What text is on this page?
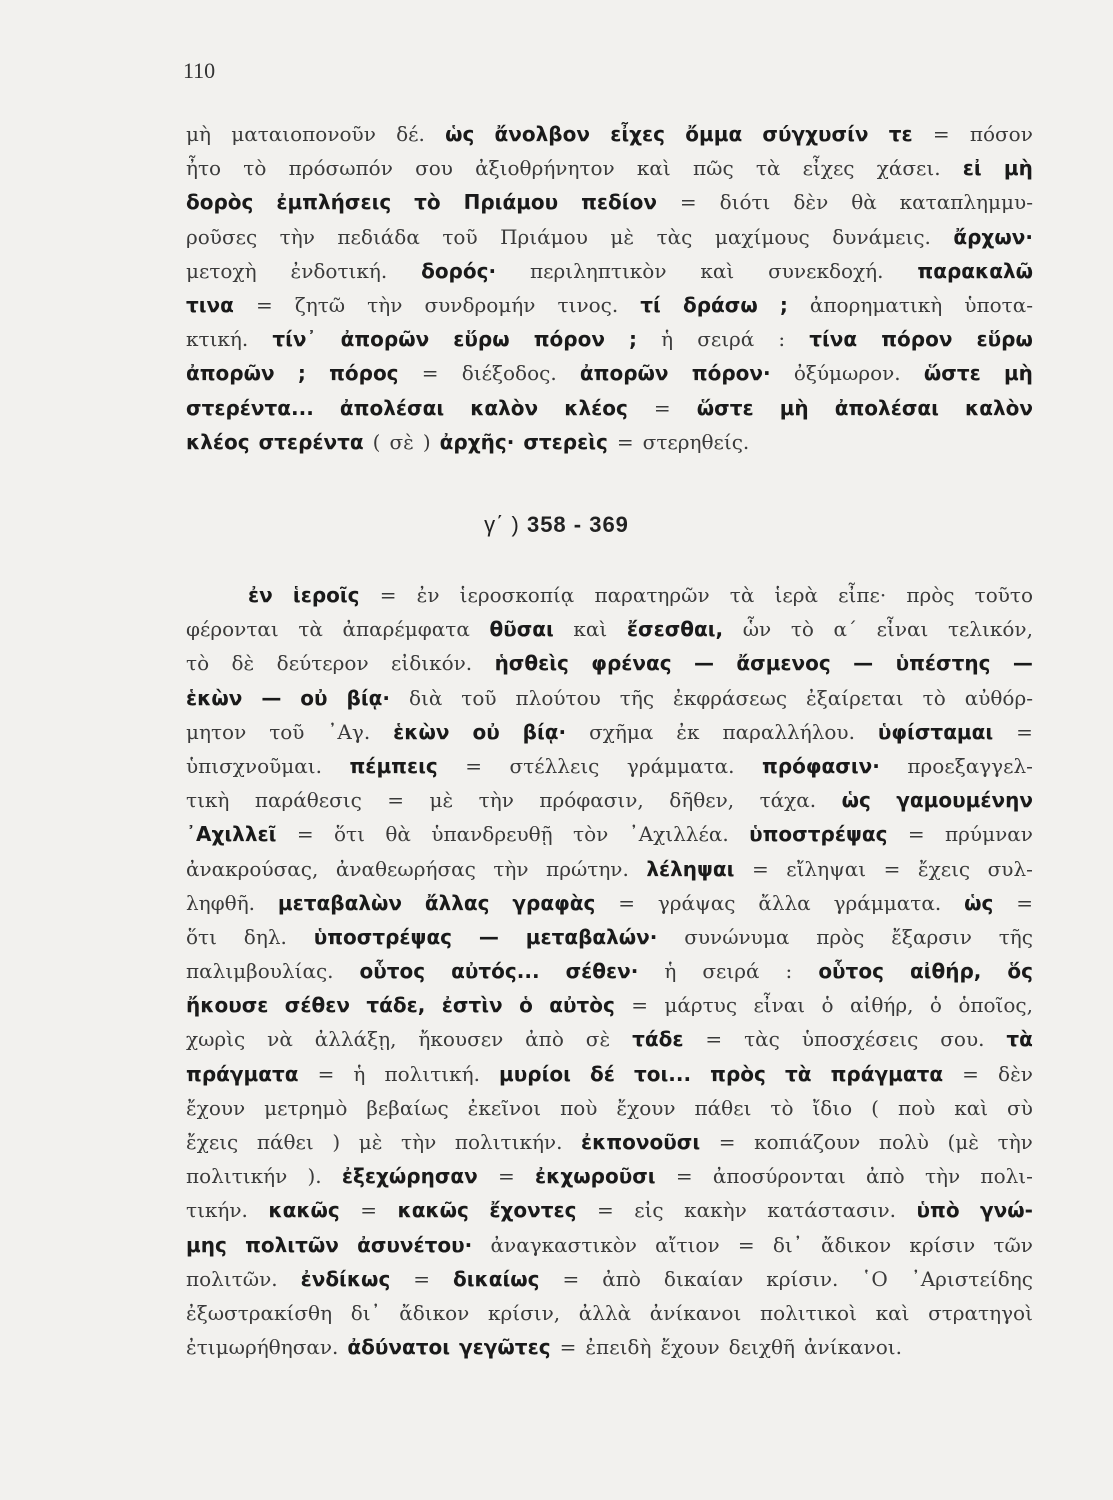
110
μὴ ματαιοπονοῦν δέ. ὡς ἄνολβον εἶχες ὄμμα σύγχυσίν τε = πόσον
ἦτο τὸ πρόσωπόν σου ἀξιοθρήνητον καὶ πῶς τὰ εἶχες χάσει. εἰ μὴ
δορὸς ἐμπλήσεις τὸ Πριάμου πεδίον = διότι δὲν θὰ καταπλημμυ-
ροῦσες τὴν πεδιάδα τοῦ Πριάμου μὲ τὰς μαχίμους δυνάμεις. ἄρχων·
μετοχὴ ἐνδοτική. δορός· περιληπτικὸν καὶ συνεκδοχή. παρακαλῶ
τινα = ζητῶ τὴν συνδρομήν τινος. τί δράσω ; ἀπορηματικὴ ὑποτα-
κτική. τίν᾽ ἀπορῶν εὕρω πόρον ; ἡ σειρά : τίνα πόρον εὕρω
ἀπορῶν ; πόρος = διέξοδος. ἀπορῶν πόρον· ὀξύμωρον. ὥστε μὴ
στερέντα... ἀπολέσαι καλὸν κλέος = ὥστε μὴ ἀπολέσαι καλὸν
κλέος στερέντα ( σὲ ) ἀρχῆς· στερεὶς = στερηθείς.
γ΄ ) 358 - 369
ἐν ἱεροῖς = ἐν ἱεροσκοπίᾳ παρατηρῶν τὰ ἱερὰ εἶπε· πρὸς τοῦτο
φέρονται τὰ ἀπαρέμφατα θῦσαι καὶ ἔσεσθαι, ὧν τὸ α΄ εἶναι τελικόν,
τὸ δὲ δεύτερον εἰδικόν. ἡσθεὶς φρένας — ἄσμενος — ὑπέστης —
ἑκὼν — οὐ βίᾳ· διὰ τοῦ πλούτου τῆς ἐκφράσεως ἐξαίρεται τὸ αὐθόρ-
μητον τοῦ ᾽Αγ. ἑκὼν οὐ βίᾳ· σχῆμα ἐκ παραλλήλου. ὑφίσταμαι =
ὑπισχνοῦμαι. πέμπεις = στέλλεις γράμματα. πρόφασιν· προεξαγγελ-
τικὴ παράθεσις = μὲ τὴν πρόφασιν, δῆθεν, τάχα. ὡς γαμουμένην
᾽Αχιλλεῖ = ὅτι θὰ ὑπανδρευθῇ τὸν ᾽Αχιλλέα. ὑποστρέψας = πρύμναν
ἀνακρούσας, ἀναθεωρήσας τὴν πρώτην. λέληψαι = εἴληψαι = ἔχεις συλ-
ληφθῆ. μεταβαλὼν ἄλλας γραφὰς = γράψας ἄλλα γράμματα. ὡς =
ὅτι δηλ. ὑποστρέψας — μεταβαλών· συνώνυμα πρὸς ἔξαρσιν τῆς
παλιμβουλίας. οὗτος αὐτός... σέθεν· ἡ σειρά : οὗτος αἰθήρ, ὅς
ἤκουσε σέθεν τάδε, ἐστὶν ὁ αὐτὸς = μάρτυς εἶναι ὁ αἰθήρ, ὁ ὁποῖος,
χωρὶς νὰ ἀλλάξῃ, ἤκουσεν ἀπὸ σὲ τάδε = τὰς ὑποσχέσεις σου. τὰ
πράγματα = ἡ πολιτική. μυρίοι δέ τοι... πρὸς τὰ πράγματα = δὲν
ἔχουν μετρημὸ βεβαίως ἐκεῖνοι ποὺ ἔχουν πάθει τὸ ἴδιο ( ποὺ καὶ σὺ
ἔχεις πάθει ) μὲ τὴν πολιτικήν. ἐκπονοῦσι = κοπιάζουν πολὺ (μὲ τὴν
πολιτικήν ). ἐξεχώρησαν = ἐκχωροῦσι = ἀποσύρονται ἀπὸ τὴν πολι-
τικήν. κακῶς = κακῶς ἔχοντες = εἰς κακὴν κατάστασιν. ὑπὸ γνώ-
μης πολιτῶν ἀσυνέτου· ἀναγκαστικὸν αἴτιον = δι᾽ ἄδικον κρίσιν τῶν
πολιτῶν. ἐνδίκως = δικαίως = ἀπὸ δικαίαν κρίσιν. ῾Ο ᾽Αριστείδης
ἐξωστρακίσθη δι᾽ ἄδικον κρίσιν, ἀλλὰ ἀνίκανοι πολιτικοὶ καὶ στρατηγοὶ
ἐτιμωρήθησαν. ἀδύνατοι γεγῶτες = ἐπειδὴ ἔχουν δειχθῆ ἀνίκανοι.
